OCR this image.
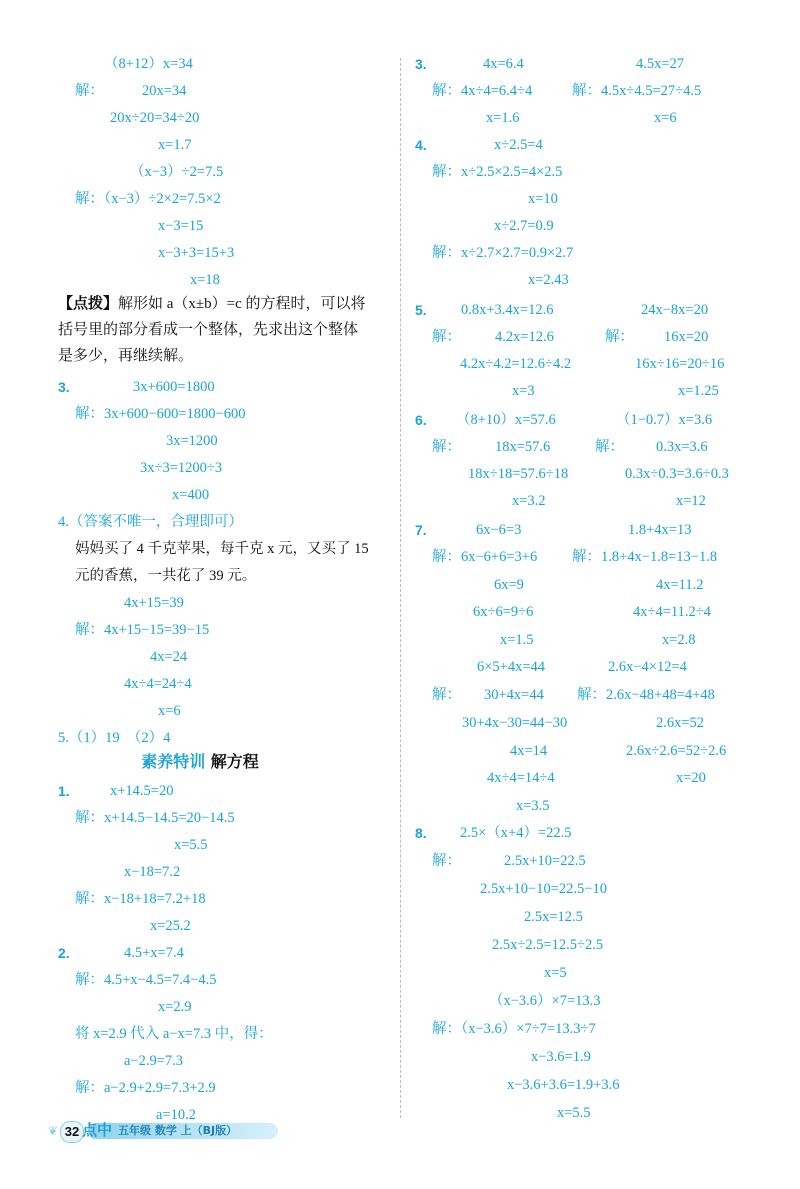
（8+12）x=34
解：	20x=34
20x÷20=34÷20
x=1.7
（x−3）÷2=7.5
解：（x−3）÷2×2=7.5×2
x−3=15
x−3+3=15+3
x=18
3.	3x+600=1800
解：3x+600−600=1800−600
3x=1200
3x÷3=1200÷3
x=400
4.（答案不唯一，合理即可）
妈妈买了 4 千克苹果，每千克 x 元，又买了 15
元的香蕉，一共花了 39 元。
4x+15=39
解：4x+15−15=39−15
4x=24
4x÷4=24÷4
x=6
5.（1）19　（2）4
1.	x+14.5=20
解：x+14.5−14.5=20−14.5
x=5.5
x−18=7.2
解：x−18+18=7.2+18
x=25.2
2.	4.5+x=7.4
解：4.5+x−4.5=7.4−4.5
x=2.9
将 x=2.9 代入 a−x=7.3 中，得：
a−2.9=7.3
解：a−2.9+2.9=7.3+2.9
a=10.2
3.	4x=6.4	4.5x=27
解：4x÷4=6.4÷4	解：4.5x÷4.5=27÷4.5
x=1.6	x=6
4.	x÷2.5=4
解：x÷2.5×2.5=4×2.5
x=10
x÷2.7=0.9
解：x÷2.7×2.7=0.9×2.7
x=2.43
5. 0.8x+3.4x=12.6	24x−8x=20
解： 4.2x=12.6	解： 16x=20
4.2x÷4.2=12.6÷4.2	16x÷16=20÷16
x=3	x=1.25
6. （8+10）x=57.6	（1−0.7）x=3.6
解： 18x=57.6	解： 0.3x=3.6
18x÷18=57.6÷18	0.3x÷0.3=3.6÷0.3
x=3.2	x=12
7.	6x−6=3	1.8+4x=13
解：6x−6+6=3+6 解：1.8+4x−1.8=13−1.8
6x=9	4x=11.2
6x÷6=9÷6	4x÷4=11.2÷4
x=1.5	x=2.8
6×5+4x=44	2.6x−4×12=4
解： 30+4x=44 解：2.6x−48+48=4+48
30+4x−30=44−30	2.6x=52
4x=14	2.6x÷2.6=52÷2.6
4x÷4=14÷4	x=20
x=3.5
8. 2.5×（x+4）=22.5
解：	2.5x+10=22.5
2.5x+10−10=22.5−10
2.5x=12.5
2.5x÷2.5=12.5÷2.5
x=5
（x−3.6）×7=13.3
解：（x−3.6）×7÷7=13.3÷7
x−3.6=1.9
x−3.6+3.6=1.9+3.6
x=5.5
【点拨】解形如 a（x±b）=c 的方程时，可以将
括号里的部分看成一个整体，先求出这个整体
是多少，再继续解。
素养特训 解方程
❦ 32	五年级 数学 上（BJ版）
点中
